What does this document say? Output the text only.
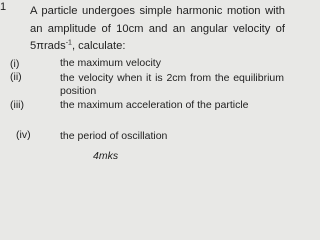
1 A particle undergoes simple harmonic motion with an amplitude of 10cm and an angular velocity of 5πrads$^{-1}$, calculate:
(i)	the maximum velocity
(ii)	the velocity when it is 2cm from the equilibrium position
(iii)	the maximum acceleration of the particle
(iv)	the period of oscillation
4mks
